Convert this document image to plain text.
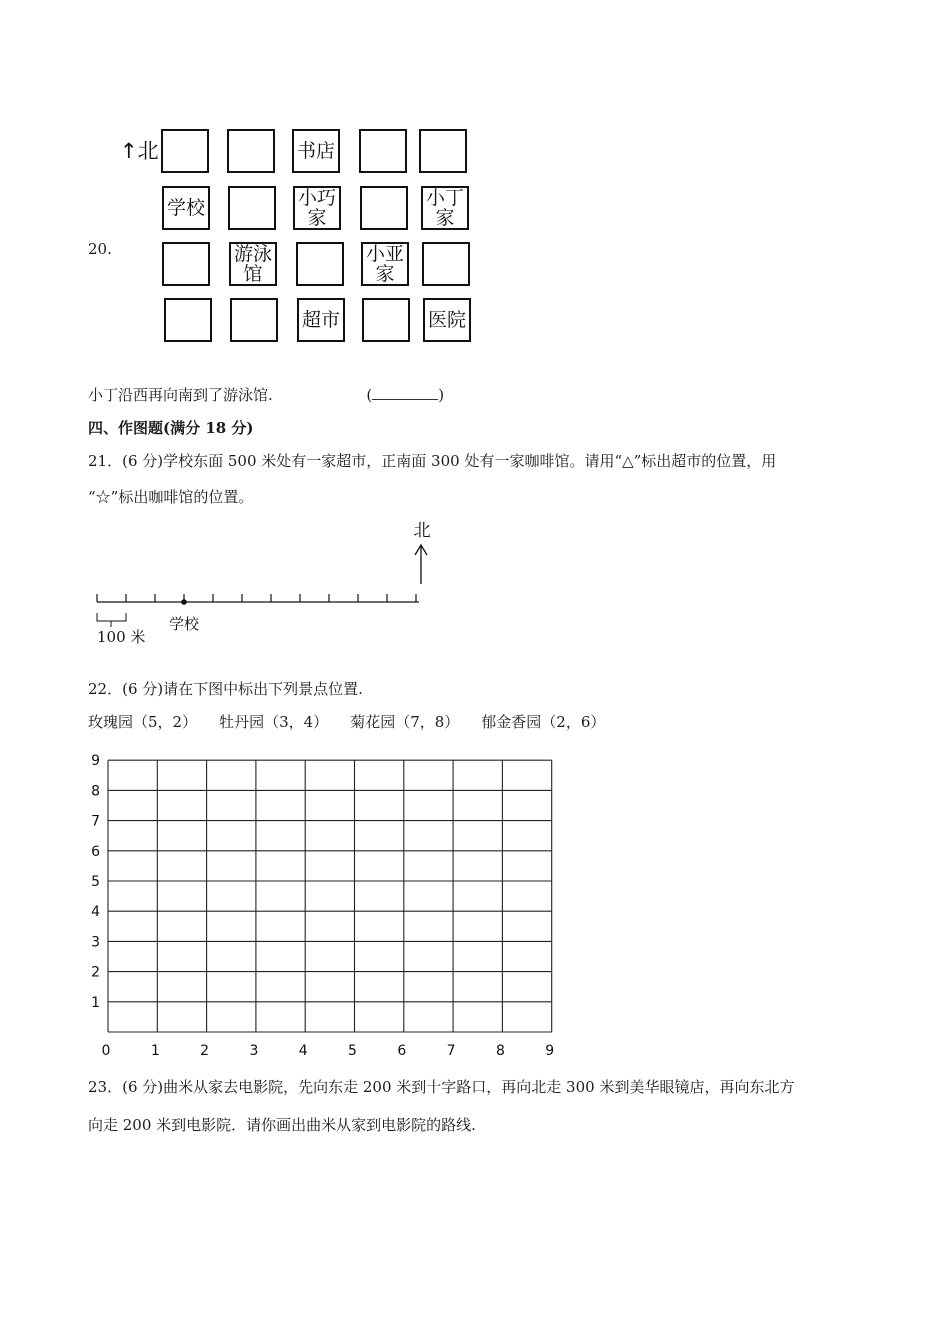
20.
↑北	书店
学校	小巧
家
小丁
家
游泳
馆
小亚
家
超市	医院
小丁沿西再向南到了游泳馆.	(	)
四、作图题(满分 18 分)
21．(6 分)学校东面 500 米处有一家超市，正南面 300 处有一家咖啡馆。请用“△”标出超市的位置，用
“☆”标出咖啡馆的位置。
北
100 米
学校
22．(6 分)请在下图中标出下列景点位置.
玫瑰园（5，2） 牡丹园（3，4） 菊花园（7，8） 郁金香园（2，6）
0	1	2	3	4	5	6	7	8	9
1
2
3
4
5
6
7
8
9
23．(6 分)曲米从家去电影院，先向东走 200 米到十字路口，再向北走 300 米到美华眼镜店，再向东北方
向走 200 米到电影院．请你画出曲米从家到电影院的路线.
